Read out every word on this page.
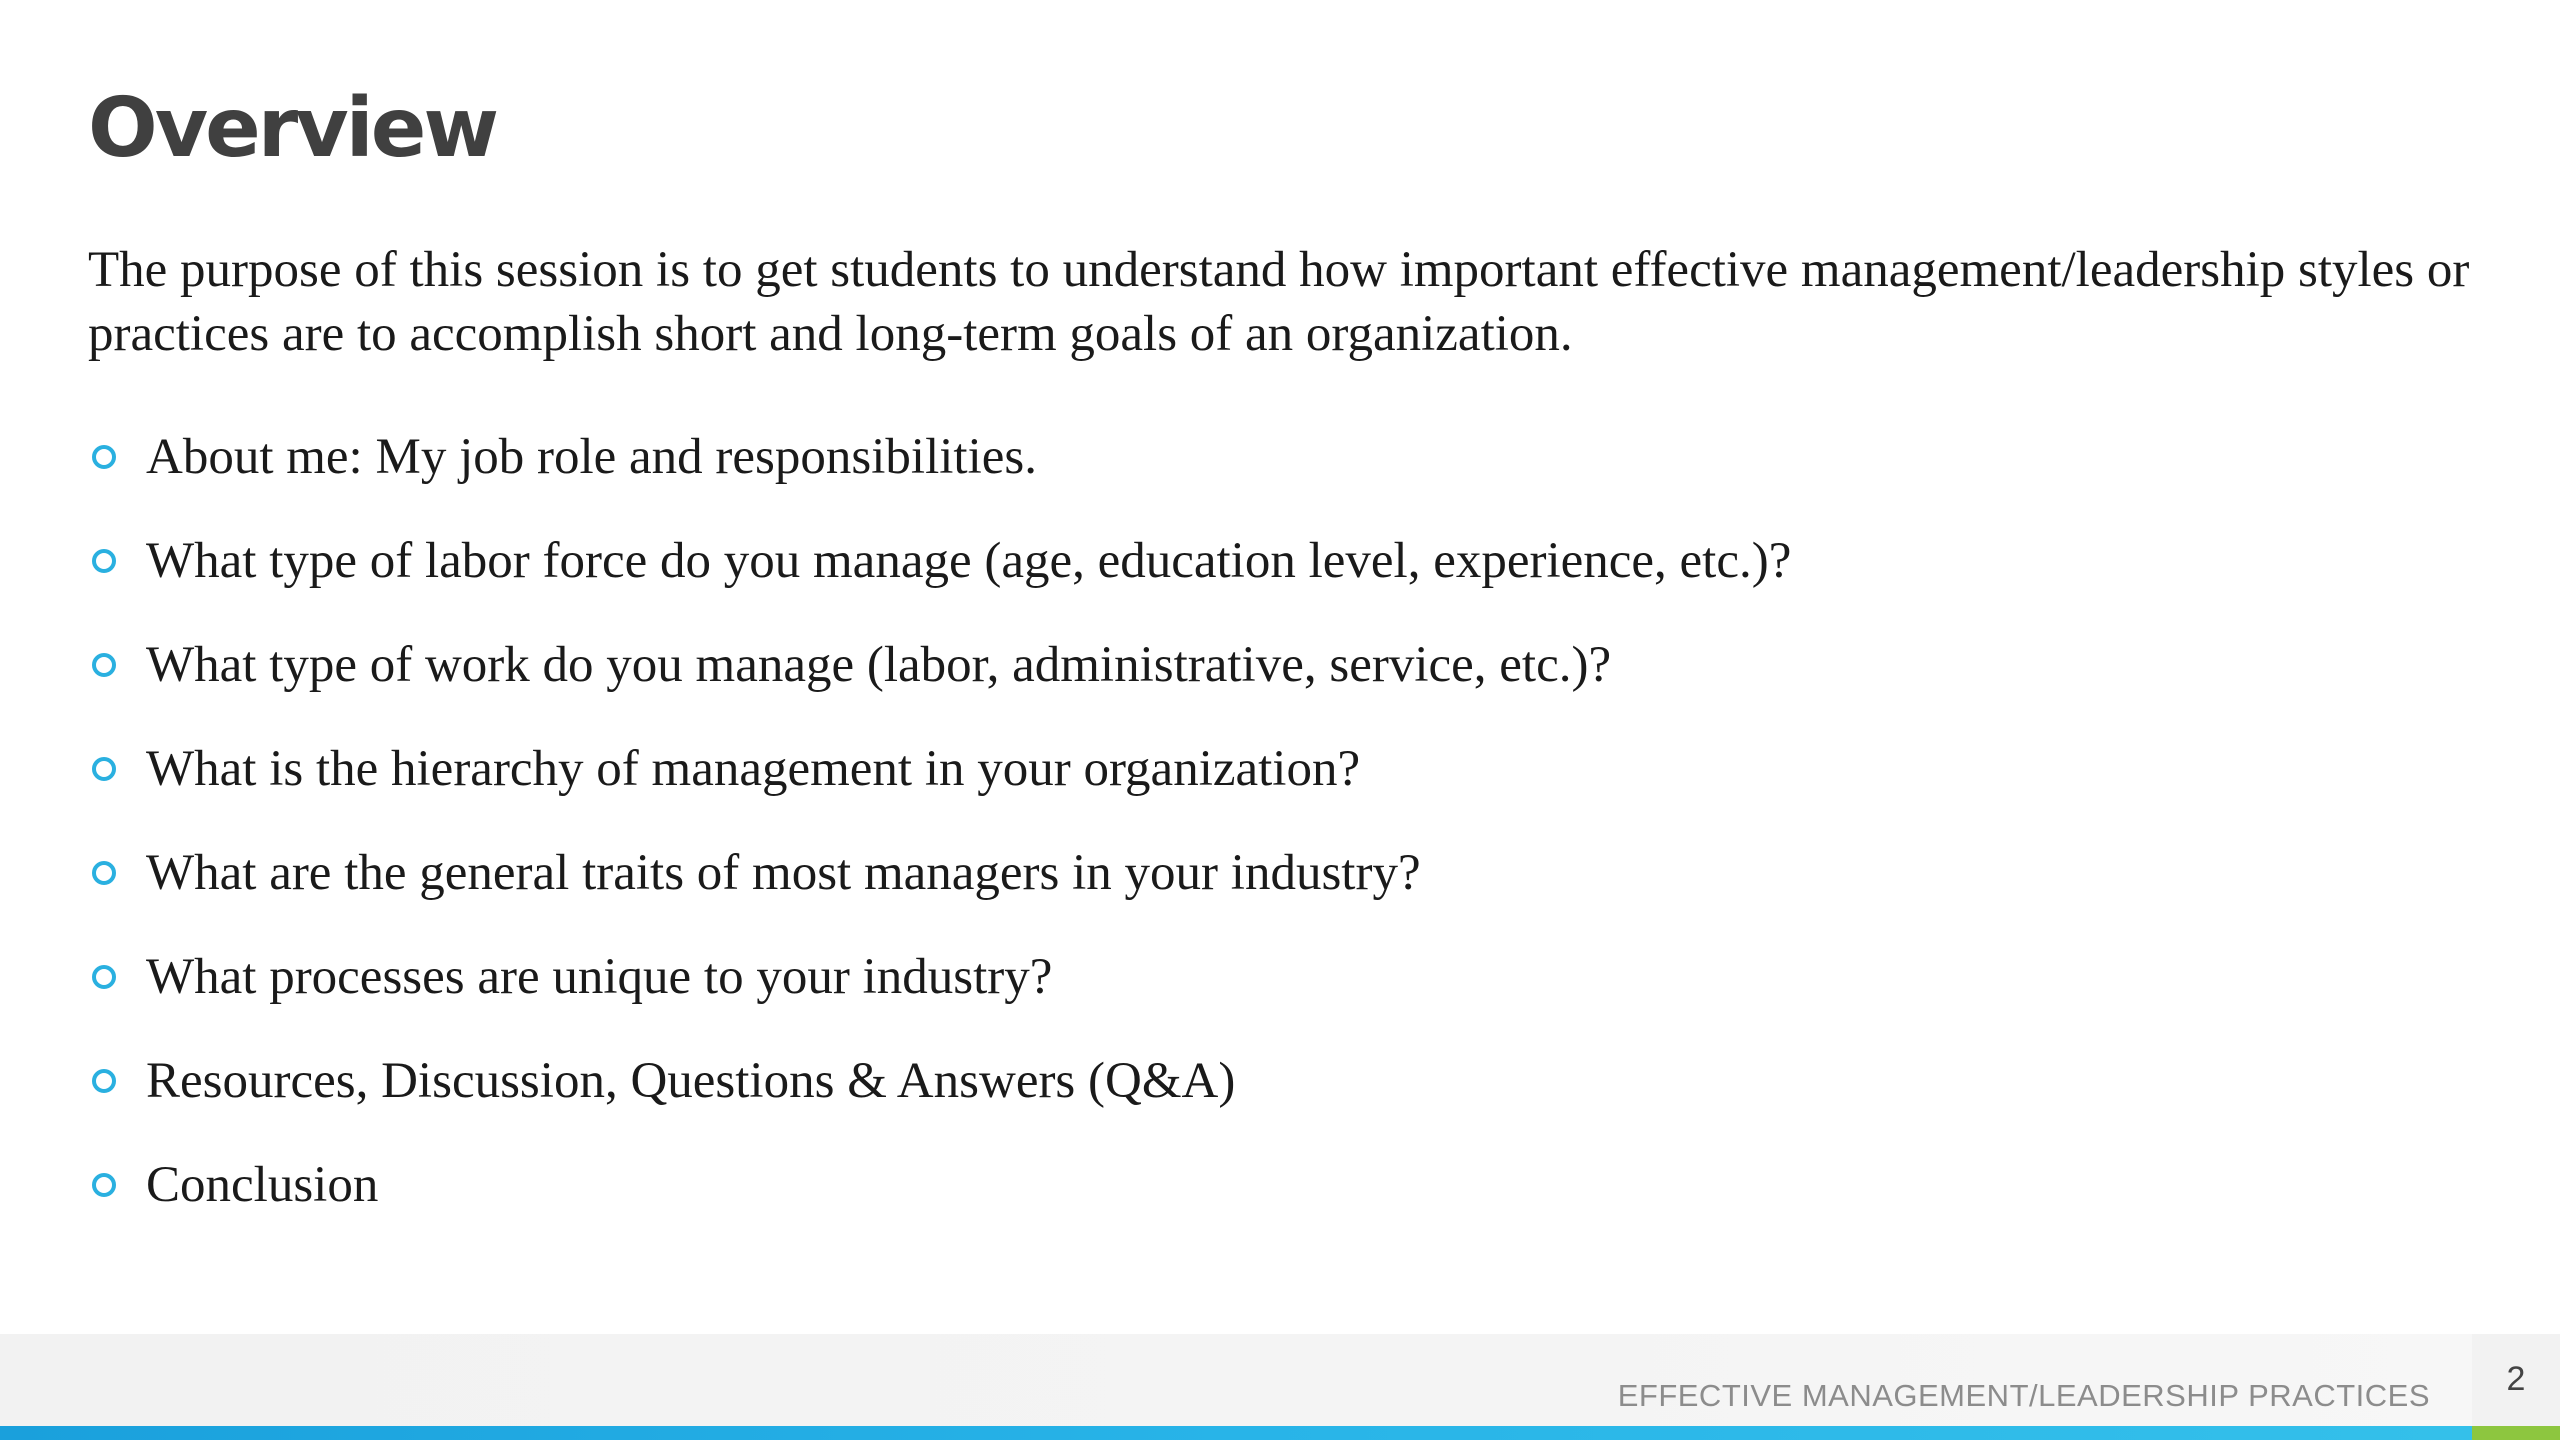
Overview

The purpose of this session is to get students to understand how important effective management/leadership styles or practices are to accomplish short and long-term goals of an organization.

About me: My job role and responsibilities.
What type of labor force do you manage (age, education level, experience, etc.)?
What type of work do you manage (labor, administrative, service, etc.)?
What is the hierarchy of management in your organization?
What are the general traits of most managers in your industry?
What processes are unique to your industry?
Resources, Discussion, Questions & Answers (Q&A)
Conclusion
EFFECTIVE MANAGEMENT/LEADERSHIP PRACTICES	2
